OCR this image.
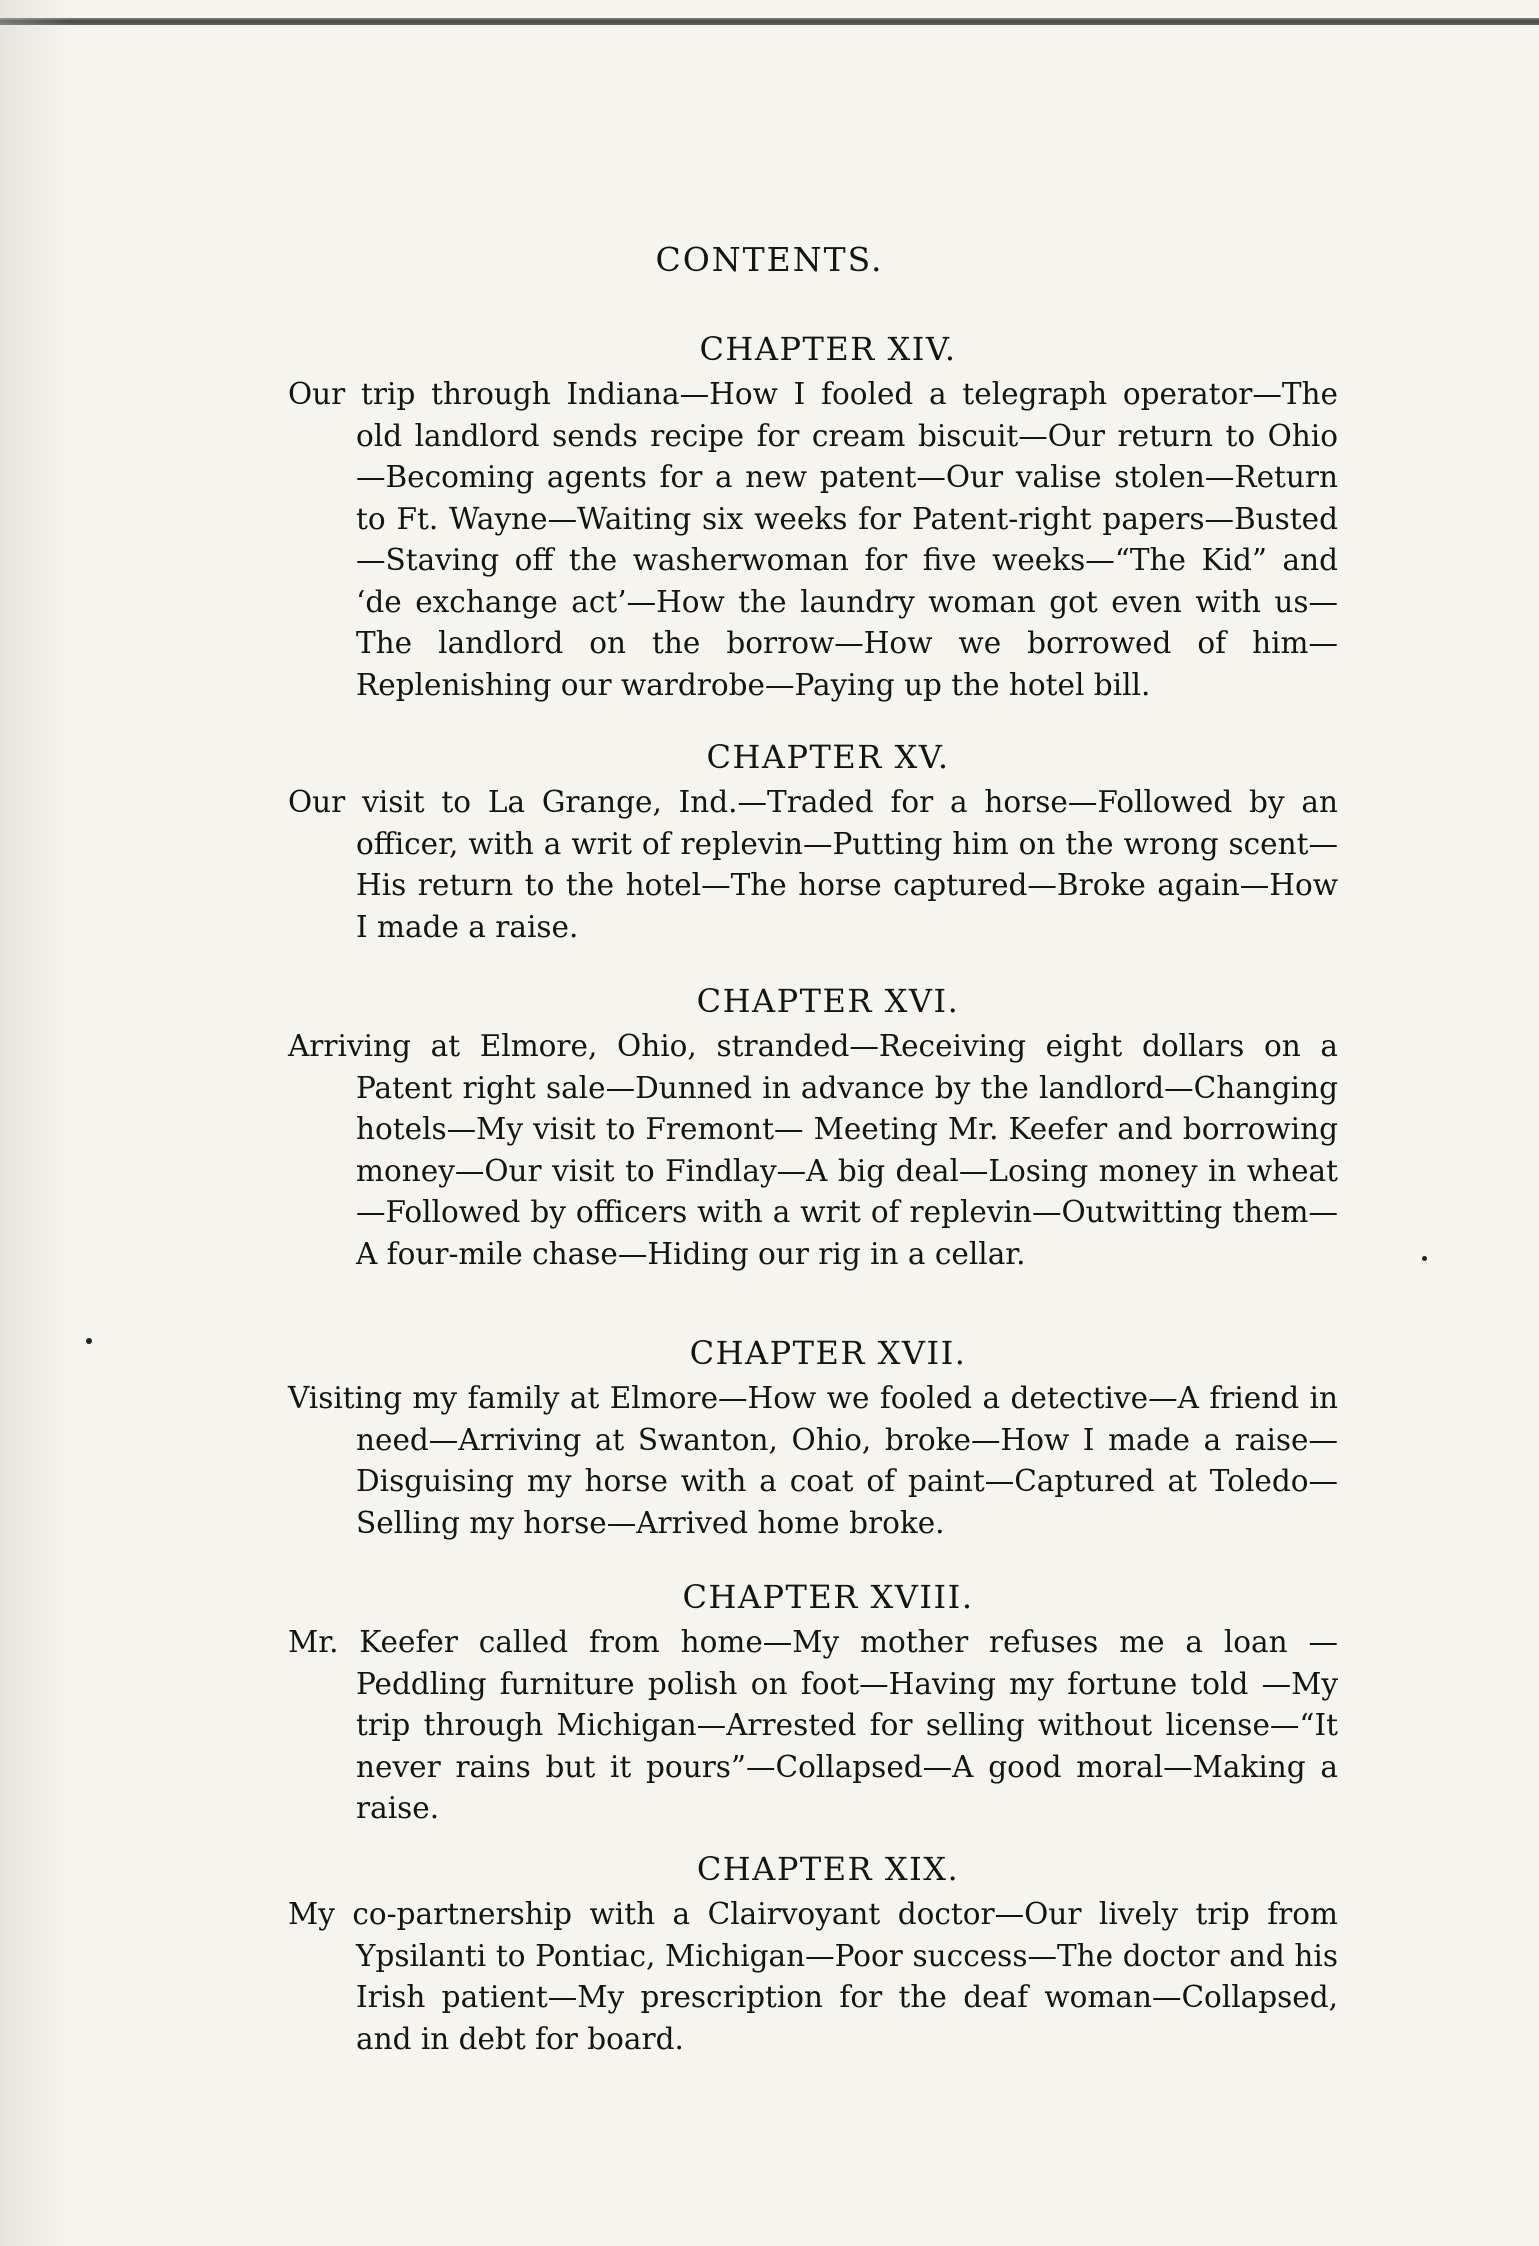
CONTENTS.
CHAPTER XIV.

Our trip through Indiana—How I fooled a telegraph operator—The old landlord sends recipe for cream biscuit—Our return to Ohio —Becoming agents for a new patent—Our valise stolen—Return to Ft. Wayne—Waiting six weeks for Patent-right papers—Busted—Staving off the washerwoman for five weeks—“The Kid” and ‘de exchange act’—How the laundry woman got even with us—The landlord on the borrow—How we borrowed of him—Replenishing our wardrobe—Paying up the hotel bill.

CHAPTER XV.

Our visit to La Grange, Ind.—Traded for a horse—Followed by an officer, with a writ of replevin—Putting him on the wrong scent—His return to the hotel—The horse captured—Broke again—How I made a raise.

CHAPTER XVI.

Arriving at Elmore, Ohio, stranded—Receiving eight dollars on a Patent right sale—Dunned in advance by the landlord—Changing hotels—My visit to Fremont— Meeting Mr. Keefer and borrowing money—Our visit to Findlay—A big deal—Losing money in wheat—Followed by officers with a writ of replevin—Outwitting them—A four-mile chase—Hiding our rig in a cellar.

CHAPTER XVII.

Visiting my family at Elmore—How we fooled a detective—A friend in need—Arriving at Swanton, Ohio, broke—How I made a raise— Disguising my horse with a coat of paint—Captured at Toledo—Selling my horse—Arrived home broke.

CHAPTER XVIII.

Mr. Keefer called from home—My mother refuses me a loan —Peddling furniture polish on foot—Having my fortune told —My trip through Michigan—Arrested for selling without license—“It never rains but it pours”—Collapsed—A good moral—Making a raise.

CHAPTER XIX.

My co-partnership with a Clairvoyant doctor—Our lively trip from Ypsilanti to Pontiac, Michigan—Poor success—The doctor and his Irish patient—My prescription for the deaf woman—Collapsed, and in debt for board.
